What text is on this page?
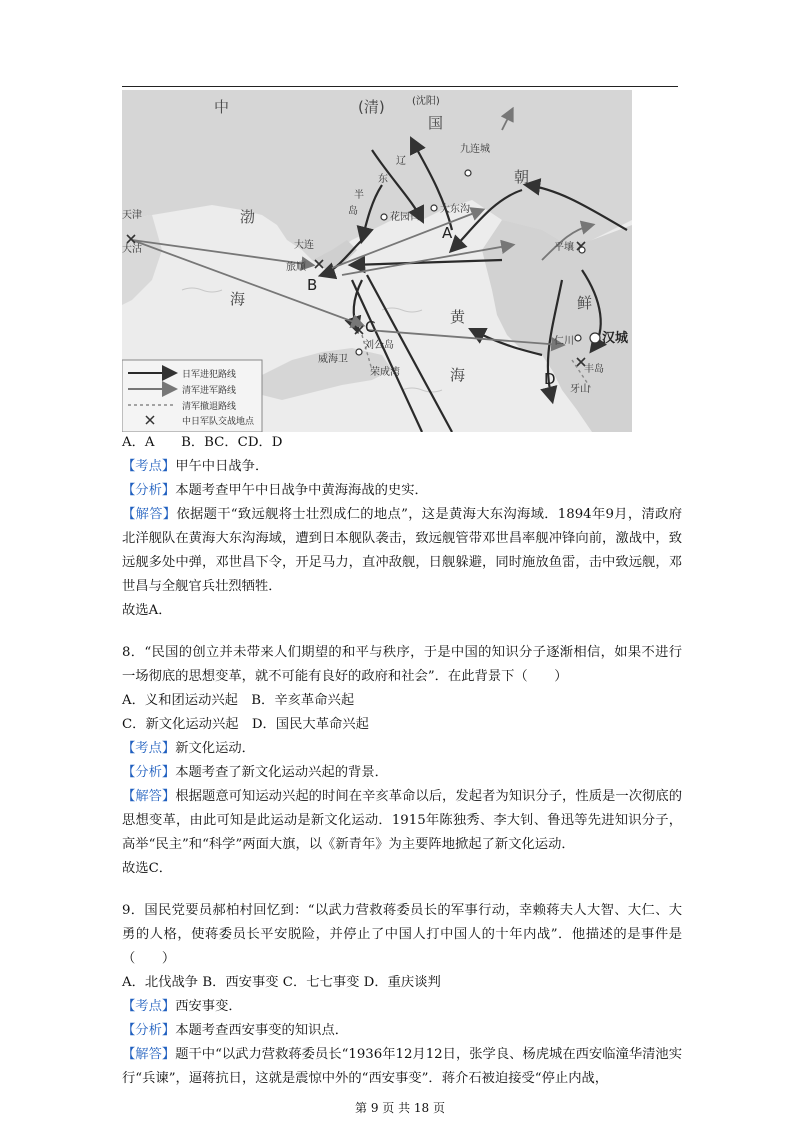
中	(清)
国
朝
渤
海
黄
海
鲜
(沈阳)
九连城
花园口
大东沟
天津
大沽	大连
旅顺
威海卫
刘公岛
荣成湾
平壤
仁川
丰岛
牙山
辽
东
半
岛
汉城
A
B
C
D
日军进犯路线
清军进军路线
清军撤退路线
中日军队交战地点
A．A　　B．BC．CD．D
【考点】甲午中日战争．
【分析】本题考查甲午中日战争中黄海海战的史实．

【解答】依据题干“致远舰将士壮烈成仁的地点”，这是黄海大东沟海域．1894年9月，清政府北洋舰队在黄海大东沟海域，遭到日本舰队袭击，致远舰管带邓世昌率舰冲锋向前，激战中，致远舰多处中弹，邓世昌下令，开足马力，直冲敌舰，日舰躲避，同时施放鱼雷，击中致远舰，邓世昌与全舰官兵壮烈牺牲．

故选A．

8．“民国的创立并未带来人们期望的和平与秩序，于是中国的知识分子逐渐相信，如果不进行一场彻底的思想变革，就不可能有良好的政府和社会”．在此背景下（　　）

A．义和团运动兴起　B．辛亥革命兴起
C．新文化运动兴起　D．国民大革命兴起
【考点】新文化运动．
【分析】本题考查了新文化运动兴起的背景．

【解答】根据题意可知运动兴起的时间在辛亥革命以后，发起者为知识分子，性质是一次彻底的思想变革，由此可知是此运动是新文化运动．1915年陈独秀、李大钊、鲁迅等先进知识分子，高举“民主”和“科学”两面大旗，以《新青年》为主要阵地掀起了新文化运动．

故选C．

9．国民党要员郝柏村回忆到：“以武力营救蒋委员长的军事行动，幸赖蒋夫人大智、大仁、大勇的人格，使蒋委员长平安脱险，并停止了中国人打中国人的十年内战”．他描述的是事件是（　　）

A．北伐战争 B．西安事变 C．七七事变 D．重庆谈判
【考点】西安事变．
【分析】本题考查西安事变的知识点．

【解答】题干中“以武力营救蒋委员长“1936年12月12日，张学良、杨虎城在西安临潼华清池实行“兵谏”，逼蒋抗日，这就是震惊中外的“西安事变”．蒋介石被迫接受“停止内战，

第 9 页 共 18 页
